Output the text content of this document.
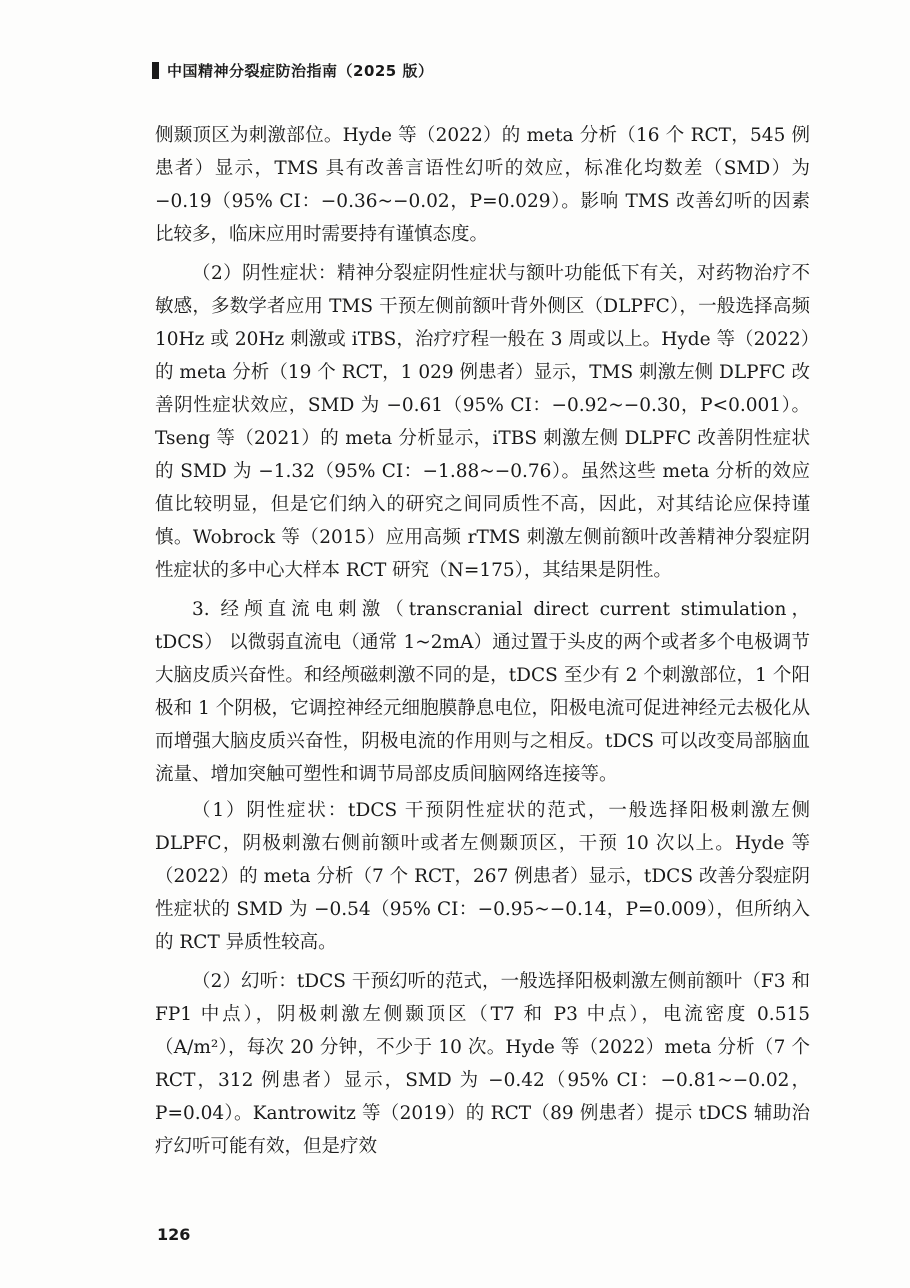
中国精神分裂症防治指南（2025 版）

侧颞顶区为刺激部位。Hyde 等（2022）的 meta 分析（16 个 RCT，545 例患者）显示，TMS 具有改善言语性幻听的效应，标准化均数差（SMD）为 −0.19（95% CI：−0.36~−0.02，P=0.029）。影响 TMS 改善幻听的因素比较多，临床应用时需要持有谨慎态度。

（2）阴性症状：精神分裂症阴性症状与额叶功能低下有关，对药物治疗不敏感，多数学者应用 TMS 干预左侧前额叶背外侧区（DLPFC），一般选择高频 10Hz 或 20Hz 刺激或 iTBS，治疗疗程一般在 3 周或以上。Hyde 等（2022）的 meta 分析（19 个 RCT，1 029 例患者）显示，TMS 刺激左侧 DLPFC 改善阴性症状效应，SMD 为 −0.61（95% CI：−0.92~−0.30，P<0.001）。Tseng 等（2021）的 meta 分析显示，iTBS 刺激左侧 DLPFC 改善阴性症状的 SMD 为 −1.32（95% CI：−1.88~−0.76）。虽然这些 meta 分析的效应值比较明显，但是它们纳入的研究之间同质性不高，因此，对其结论应保持谨慎。Wobrock 等（2015）应用高频 rTMS 刺激左侧前额叶改善精神分裂症阴性症状的多中心大样本 RCT 研究（N=175），其结果是阴性。

3. 经颅直流电刺激（transcranial direct current stimulation，tDCS） 以微弱直流电（通常 1~2mA）通过置于头皮的两个或者多个电极调节大脑皮质兴奋性。和经颅磁刺激不同的是，tDCS 至少有 2 个刺激部位，1 个阳极和 1 个阴极，它调控神经元细胞膜静息电位，阳极电流可促进神经元去极化从而增强大脑皮质兴奋性，阴极电流的作用则与之相反。tDCS 可以改变局部脑血流量、增加突触可塑性和调节局部皮质间脑网络连接等。

（1）阴性症状：tDCS 干预阴性症状的范式，一般选择阳极刺激左侧 DLPFC，阴极刺激右侧前额叶或者左侧颞顶区，干预 10 次以上。Hyde 等（2022）的 meta 分析（7 个 RCT，267 例患者）显示，tDCS 改善分裂症阴性症状的 SMD 为 −0.54（95% CI：−0.95~−0.14，P=0.009），但所纳入的 RCT 异质性较高。

（2）幻听：tDCS 干预幻听的范式，一般选择阳极刺激左侧前额叶（F3 和 FP1 中点），阴极刺激左侧颞顶区（T7 和 P3 中点），电流密度 0.515（A/m²），每次 20 分钟，不少于 10 次。Hyde 等（2022）meta 分析（7 个 RCT，312 例患者）显示，SMD 为 −0.42（95% CI：−0.81~−0.02，P=0.04）。Kantrowitz 等（2019）的 RCT（89 例患者）提示 tDCS 辅助治疗幻听可能有效，但是疗效

126
